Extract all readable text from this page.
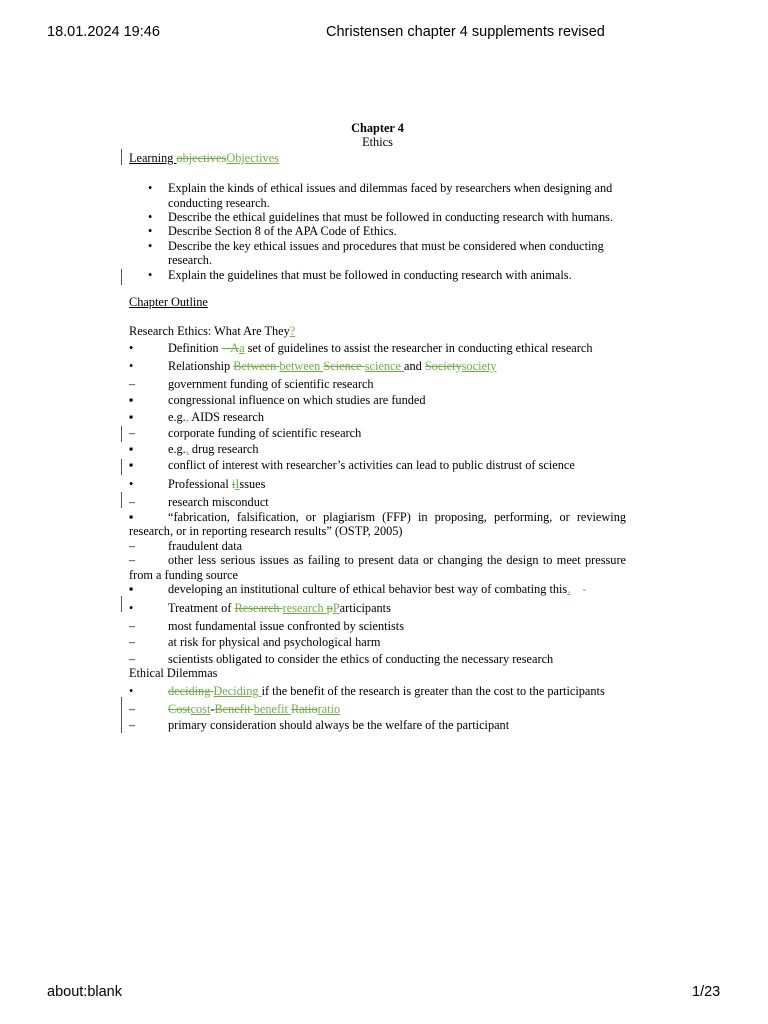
18.01.2024 19:46	Christensen chapter 4 supplements revised
Chapter 4
Ethics
Learning objectivesObjectives
• Explain the kinds of ethical issues and dilemmas faced by researchers when designing and conducting research.
• Describe the ethical guidelines that must be followed in conducting research with humans.
• Describe Section 8 of the APA Code of Ethics.
• Describe the key ethical issues and procedures that must be considered when conducting research.
• Explain the guidelines that must be followed in conducting research with animals.
Chapter Outline
Research Ethics: What Are They?
•	Definition – Aa set of guidelines to assist the researcher in conducting ethical research
•	Relationship Between between Science science and Societysociety
–	government funding of scientific research
▪	congressional influence on which studies are funded
▪	e.g., AIDS research
–	corporate funding of scientific research
▪	e.g., drug research
▪	conflict of interest with researcher’s activities can lead to public distrust of science
•	Professional iIssues
–	research misconduct
▪	“fabrication, falsification, or plagiarism (FFP) in proposing, performing, or reviewing research, or in reporting research results” (OSTP, 2005)
–	fraudulent data
–	other less serious issues as failing to present data or changing the design to meet pressure from a funding source
▪	developing an institutional culture of ethical behavior best way of combating this. -
•	Treatment of Research research pParticipants
–	most fundamental issue confronted by scientists
–	at risk for physical and psychological harm
–	scientists obligated to consider the ethics of conducting the necessary research
Ethical Dilemmas
•	deciding Deciding if the benefit of the research is greater than the cost to the participants
–	Costcost-Benefit benefit Ratioratio
–	primary consideration should always be the welfare of the participant
about:blank	1/23
